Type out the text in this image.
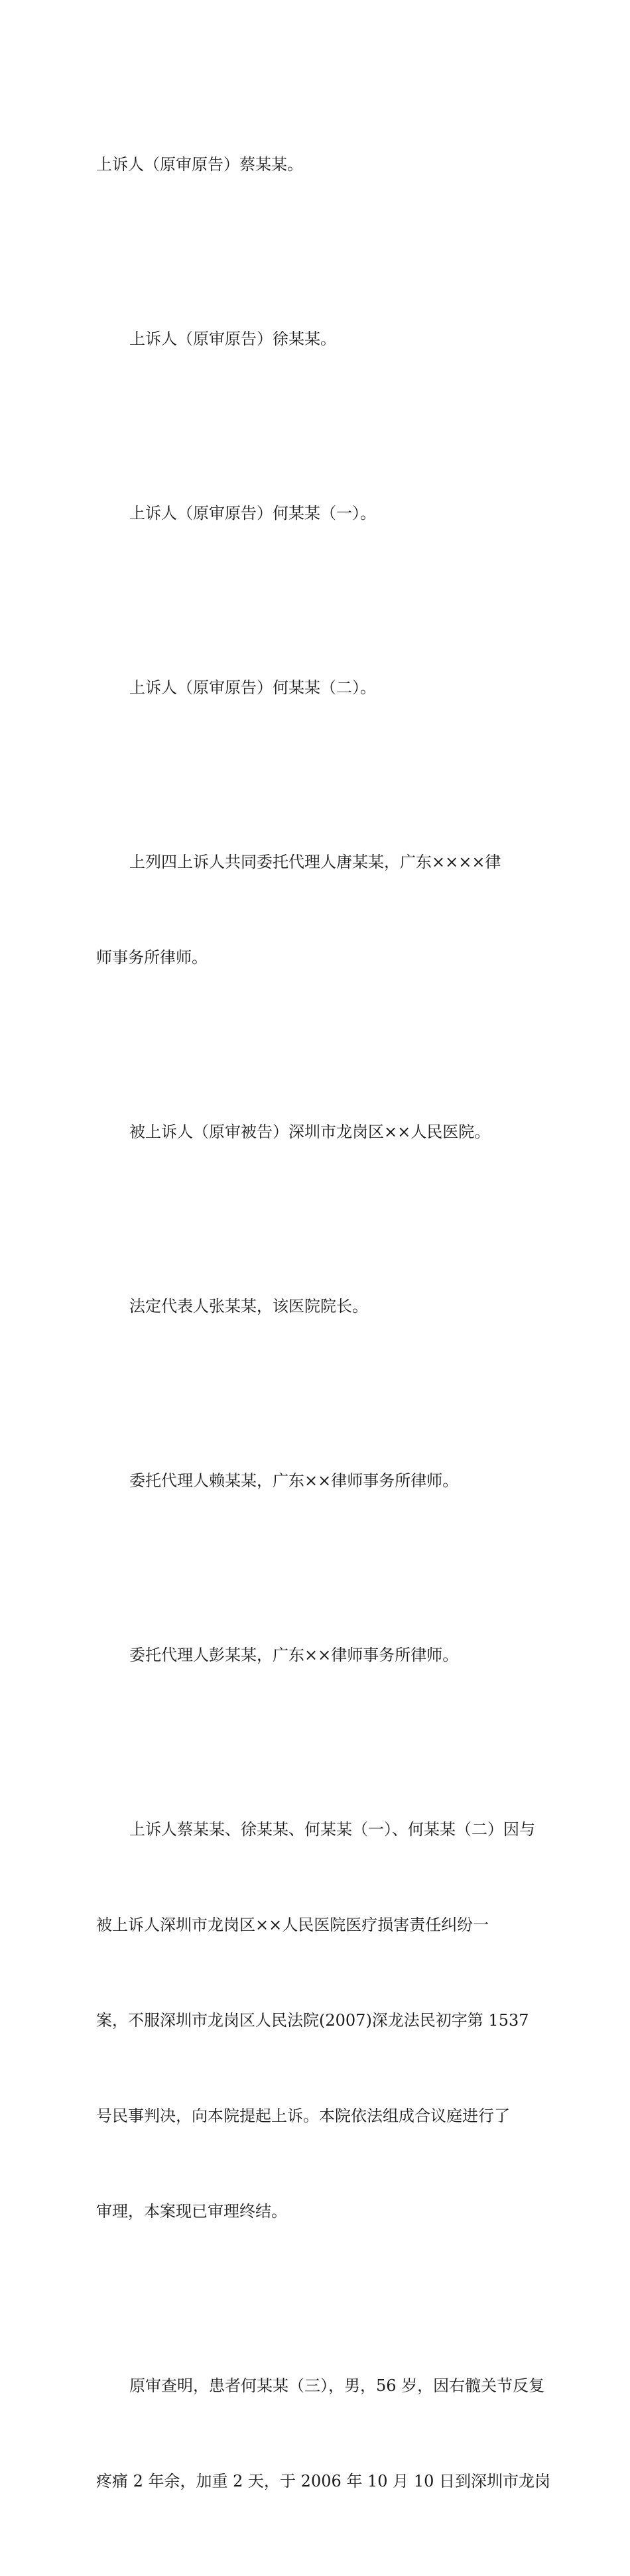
上诉人（原审原告）蔡某某。

上诉人（原审原告）徐某某。

上诉人（原审原告）何某某（一）。

上诉人（原审原告）何某某（二）。

上列四上诉人共同委托代理人唐某某，广东××××律

师事务所律师。

被上诉人（原审被告）深圳市龙岗区××人民医院。

法定代表人张某某，该医院院长。

委托代理人赖某某，广东××律师事务所律师。

委托代理人彭某某，广东××律师事务所律师。

上诉人蔡某某、徐某某、何某某（一）、何某某（二）因与

被上诉人深圳市龙岗区××人民医院医疗损害责任纠纷一

案，不服深圳市龙岗区人民法院(2007)深龙法民初字第 1537

号民事判决，向本院提起上诉。本院依法组成合议庭进行了

审理，本案现已审理终结。

原审查明，患者何某某（三），男，56 岁，因右髋关节反复

疼痛 2 年余，加重 2 天，于 2006 年 10 月 10 日到深圳市龙岗
